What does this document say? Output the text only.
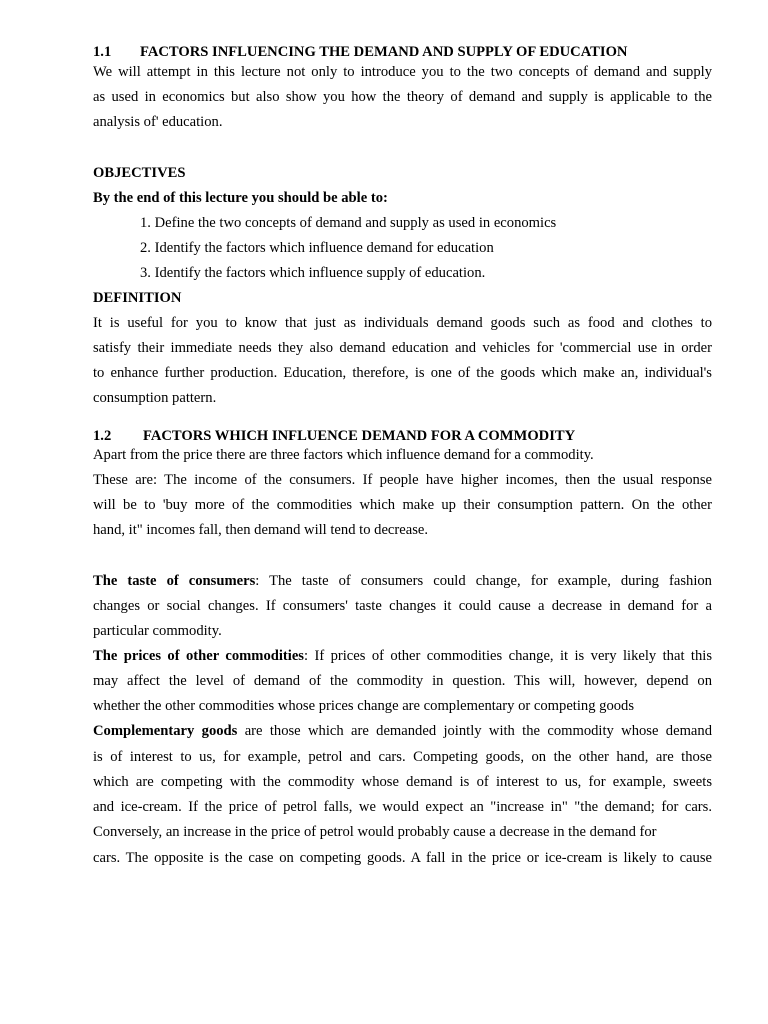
1.1 FACTORS INFLUENCING THE DEMAND AND SUPPLY OF EDUCATION
We will attempt in this lecture not only to introduce you to the two concepts of demand and supply
as used in economics but also show you how the theory of demand and supply is applicable to the
analysis of' education.
OBJECTIVES
By the end of this lecture you should be able to:
1. Define the two concepts of demand and supply as used in economics
2. Identify the factors which influence demand for education
3. Identify the factors which influence supply of education.
DEFINITION
It is useful for you to know that just as individuals demand goods such as food and clothes to
satisfy their immediate needs they also demand education and vehicles for 'commercial use in order
to enhance further production. Education, therefore, is one of the goods which make an, individual's
consumption pattern.
1.2 FACTORS WHICH INFLUENCE DEMAND FOR A COMMODITY
Apart from the price there are three factors which influence demand for a commodity.
These are: The income of the consumers. If people have higher incomes, then the usual response
will be to 'buy more of the commodities which make up their consumption pattern. On the other
hand, it" incomes fall, then demand will tend to decrease.
The taste of consumers: The taste of consumers could change, for example, during fashion
changes or social changes. If consumers' taste changes it could cause a decrease in demand for a
particular commodity.
The prices of other commodities: If prices of other commodities change, it is very likely that this
may affect the level of demand of the commodity in question. This will, however, depend on
whether the other commodities whose prices change are complementary or competing goods
Complementary goods are those which are demanded jointly with the commodity whose demand
is of interest to us, for example, petrol and cars. Competing goods, on the other hand, are those
which are competing with the commodity whose demand is of interest to us, for example, sweets
and ice-cream. If the price of petrol falls, we would expect an "increase in" "the demand; for cars.
Conversely, an increase in the price of petrol would probably cause a decrease in the demand for
cars. The opposite is the case on competing goods. A fall in the price or ice-cream is likely to cause
